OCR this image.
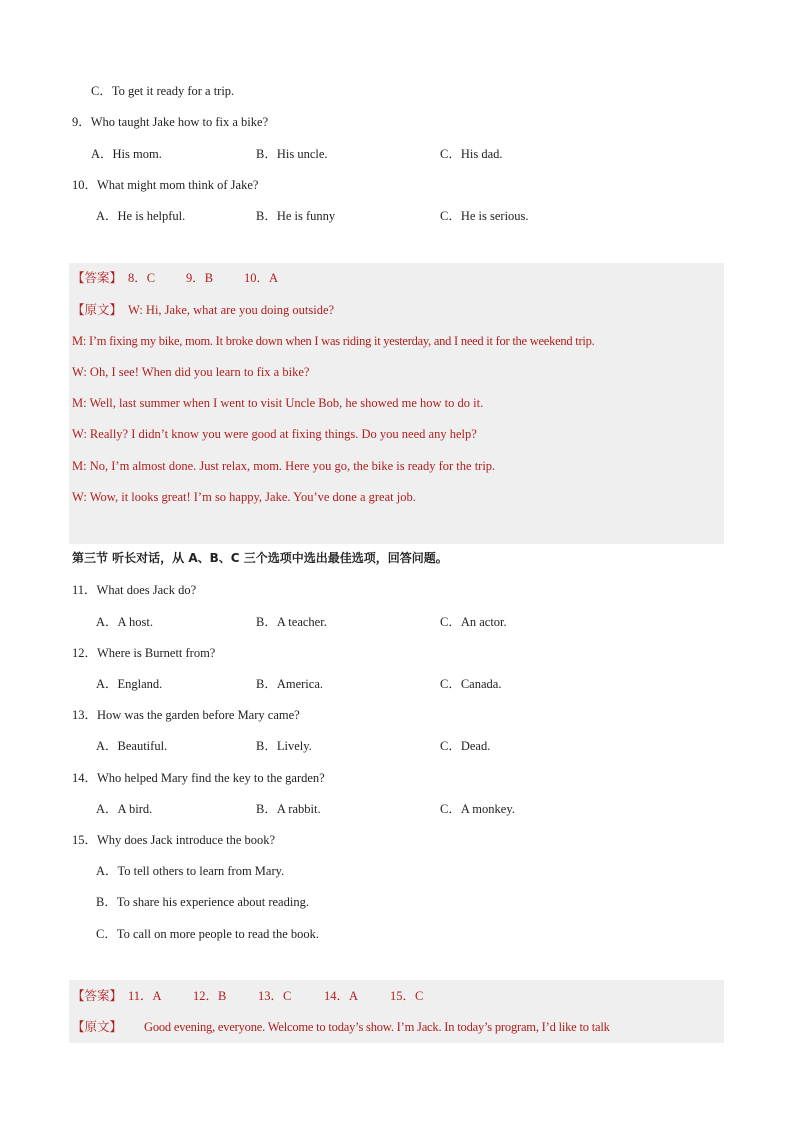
C．To get it ready for a trip.
9．Who taught Jake how to fix a bike?
A．His mom.	B．His uncle.	C．His dad.
10．What might mom think of Jake?
A．He is helpful.	B．He is funny	C．He is serious.
【答案】 8．C 9．B 10．A
【原文】 W: Hi, Jake, what are you doing outside?
M: I’m fixing my bike, mom. It broke down when I was riding it yesterday, and I need it for the weekend trip.
W: Oh, I see! When did you learn to fix a bike?
M: Well, last summer when I went to visit Uncle Bob, he showed me how to do it.
W: Really? I didn’t know you were good at fixing things. Do you need any help?
M: No, I’m almost done. Just relax, mom. Here you go, the bike is ready for the trip.
W: Wow, it looks great! I’m so happy, Jake. You’ve done a great job.
第三节 听长对话，从 A、B、C 三个选项中选出最佳选项，回答问题。
11．What does Jack do?
A．A host.	B．A teacher.	C．An actor.
12．Where is Burnett from?
A．England.	B．America.	C．Canada.
13．How was the garden before Mary came?
A．Beautiful.	B．Lively.	C．Dead.
14．Who helped Mary find the key to the garden?
A．A bird.	B．A rabbit.	C．A monkey.
15．Why does Jack introduce the book?
A．To tell others to learn from Mary.
B．To share his experience about reading.
C．To call on more people to read the book.
【答案】 11．A	12．B	13．C	14．A	15．C
【原文】 Good evening, everyone. Welcome to today’s show. I’m Jack. In today’s program, I’d like to talk
